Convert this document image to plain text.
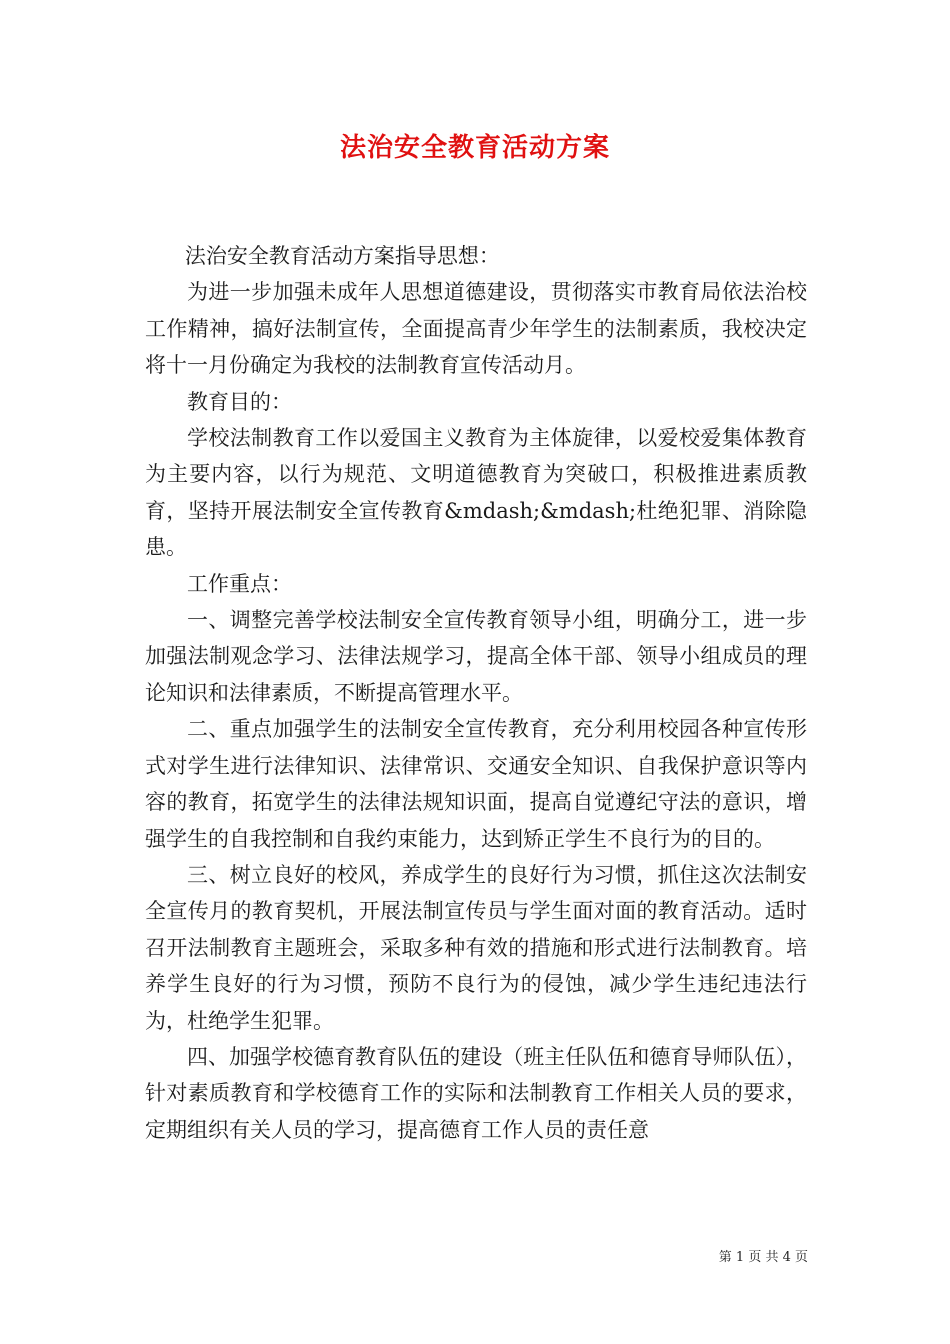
法治安全教育活动方案

法治安全教育活动方案指导思想：

为进一步加强未成年人思想道德建设，贯彻落实市教育局依法治校工作精神，搞好法制宣传，全面提高青少年学生的法制素质，我校决定将十一月份确定为我校的法制教育宣传活动月。

教育目的：

学校法制教育工作以爱国主义教育为主体旋律，以爱校爱集体教育为主要内容，以行为规范、文明道德教育为突破口，积极推进素质教育，坚持开展法制安全宣传教育&mdash;&mdash;杜绝犯罪、消除隐患。

工作重点：

一、调整完善学校法制安全宣传教育领导小组，明确分工，进一步加强法制观念学习、法律法规学习，提高全体干部、领导小组成员的理论知识和法律素质，不断提高管理水平。

二、重点加强学生的法制安全宣传教育，充分利用校园各种宣传形式对学生进行法律知识、法律常识、交通安全知识、自我保护意识等内容的教育，拓宽学生的法律法规知识面，提高自觉遵纪守法的意识，增强学生的自我控制和自我约束能力，达到矫正学生不良行为的目的。

三、树立良好的校风，养成学生的良好行为习惯，抓住这次法制安全宣传月的教育契机，开展法制宣传员与学生面对面的教育活动。适时召开法制教育主题班会，采取多种有效的措施和形式进行法制教育。培养学生良好的行为习惯，预防不良行为的侵蚀，减少学生违纪违法行为，杜绝学生犯罪。

四、加强学校德育教育队伍的建设（班主任队伍和德育导师队伍），针对素质教育和学校德育工作的实际和法制教育工作相关人员的要求，定期组织有关人员的学习，提高德育工作人员的责任意

第 1 页 共 4 页
